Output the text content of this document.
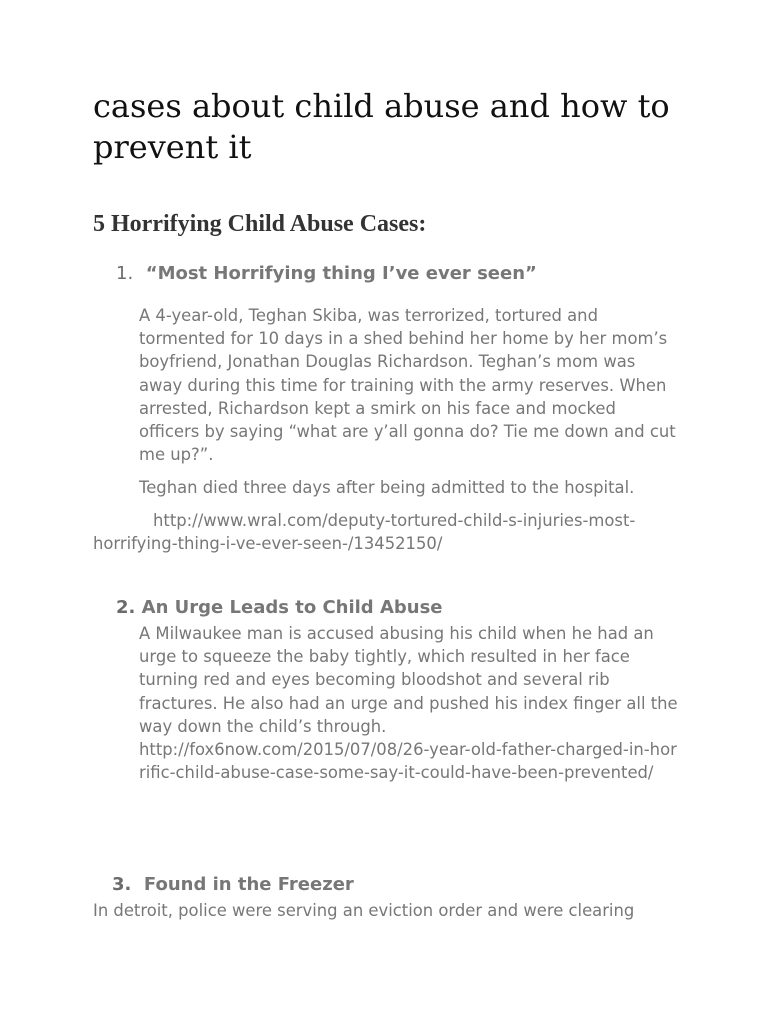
cases about child abuse and how to prevent it
5 Horrifying Child Abuse Cases:
1. “Most Horrifying thing I’ve ever seen”

A 4-year-old, Teghan Skiba, was terrorized, tortured and tormented for 10 days in a shed behind her home by her mom’s boyfriend, Jonathan Douglas Richardson. Teghan’s mom was away during this time for training with the army reserves. When arrested, Richardson kept a smirk on his face and mocked officers by saying “what are y’all gonna do? Tie me down and cut me up?”.

Teghan died three days after being admitted to the hospital.

http://www.wral.com/deputy-tortured-child-s-injuries-most-
horrifying-thing-i-ve-ever-seen-/13452150/
2. An Urge Leads to Child Abuse

A Milwaukee man is accused abusing his child when he had an urge to squeeze the baby tightly, which resulted in her face turning red and eyes becoming bloodshot and several rib fractures. He also had an urge and pushed his index finger all the way down the child’s through.

http://fox6now.com/2015/07/08/26-year-old-father-charged-in-horrific-child-abuse-case-some-say-it-could-have-been-prevented/
3. Found in the Freezer

In detroit, police were serving an eviction order and were clearing
